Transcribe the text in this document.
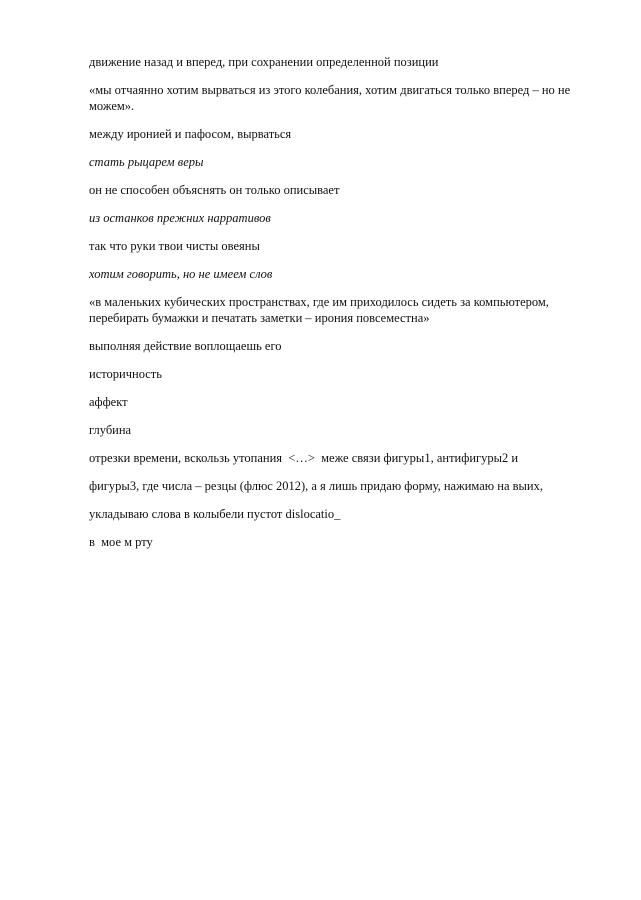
движение назад и вперед, при сохранении определенной позиции

«мы отчаянно хотим вырваться из этого колебания, хотим двигаться только вперед – но не можем».

между иронией и пафосом, вырваться

стать рыцарем веры

он не способен объяснять он только описывает

из останков прежних нарративов

так что руки твои чисты овеяны

хотим говорить, но не имеем слов

«в маленьких кубических пространствах, где им приходилось сидеть за компьютером, перебирать бумажки и печатать заметки – ирония повсеместна»

выполняя действие воплощаешь его

историчность

аффект

глубина

отрезки времени, вскользь утопания  <…>  меже связи фигуры1, антифигуры2 и

фигуры3, где числа – резцы (флюс 2012), а я лишь придаю форму, нажимаю на выих,

укладываю слова в колыбели пустот dislocatio_

в  мое м рту
